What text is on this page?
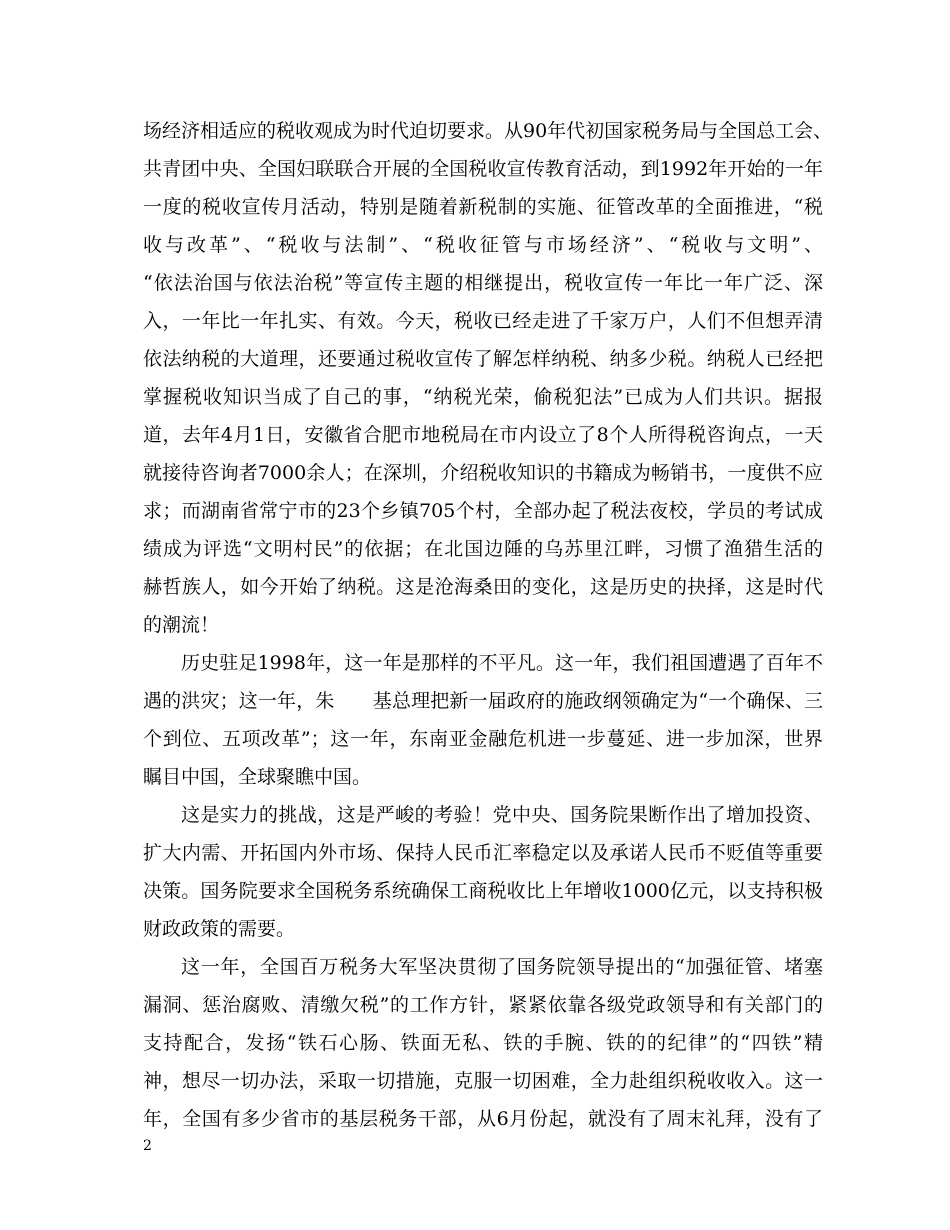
场经济相适应的税收观成为时代迫切要求。从90年代初国家税务局与全国总工会、
共青团中央、全国妇联联合开展的全国税收宣传教育活动，到1992年开始的一年
一度的税收宣传月活动，特别是随着新税制的实施、征管改革的全面推进，“税
收与改革”、“税收与法制”、“税收征管与市场经济”、“税收与文明”、
“依法治国与依法治税”等宣传主题的相继提出，税收宣传一年比一年广泛、深
入，一年比一年扎实、有效。今天，税收已经走进了千家万户，人们不但想弄清
依法纳税的大道理，还要通过税收宣传了解怎样纳税、纳多少税。纳税人已经把
掌握税收知识当成了自己的事，“纳税光荣，偷税犯法”已成为人们共识。据报
道，去年4月1日，安徽省合肥市地税局在市内设立了8个人所得税咨询点，一天
就接待咨询者7000余人；在深圳，介绍税收知识的书籍成为畅销书，一度供不应
求；而湖南省常宁市的23个乡镇705个村，全部办起了税法夜校，学员的考试成
绩成为评选“文明村民”的依据；在北国边陲的乌苏里江畔，习惯了渔猎生活的
赫哲族人，如今开始了纳税。这是沧海桑田的变化，这是历史的抉择，这是时代
的潮流！
历史驻足1998年，这一年是那样的不平凡。这一年，我们祖国遭遇了百年不
遇的洪灾；这一年，朱　　基总理把新一届政府的施政纲领确定为“一个确保、三
个到位、五项改革”；这一年，东南亚金融危机进一步蔓延、进一步加深，世界
瞩目中国，全球聚瞧中国。
这是实力的挑战，这是严峻的考验！党中央、国务院果断作出了增加投资、
扩大内需、开拓国内外市场、保持人民币汇率稳定以及承诺人民币不贬值等重要
决策。国务院要求全国税务系统确保工商税收比上年增收1000亿元，以支持积极
财政政策的需要。
这一年，全国百万税务大军坚决贯彻了国务院领导提出的“加强征管、堵塞
漏洞、惩治腐败、清缴欠税”的工作方针，紧紧依靠各级党政领导和有关部门的
支持配合，发扬“铁石心肠、铁面无私、铁的手腕、铁的的纪律”的“四铁”精
神，想尽一切办法，采取一切措施，克服一切困难，全力赴组织税收收入。这一
年，全国有多少省市的基层税务干部，从6月份起，就没有了周末礼拜，没有了
2
